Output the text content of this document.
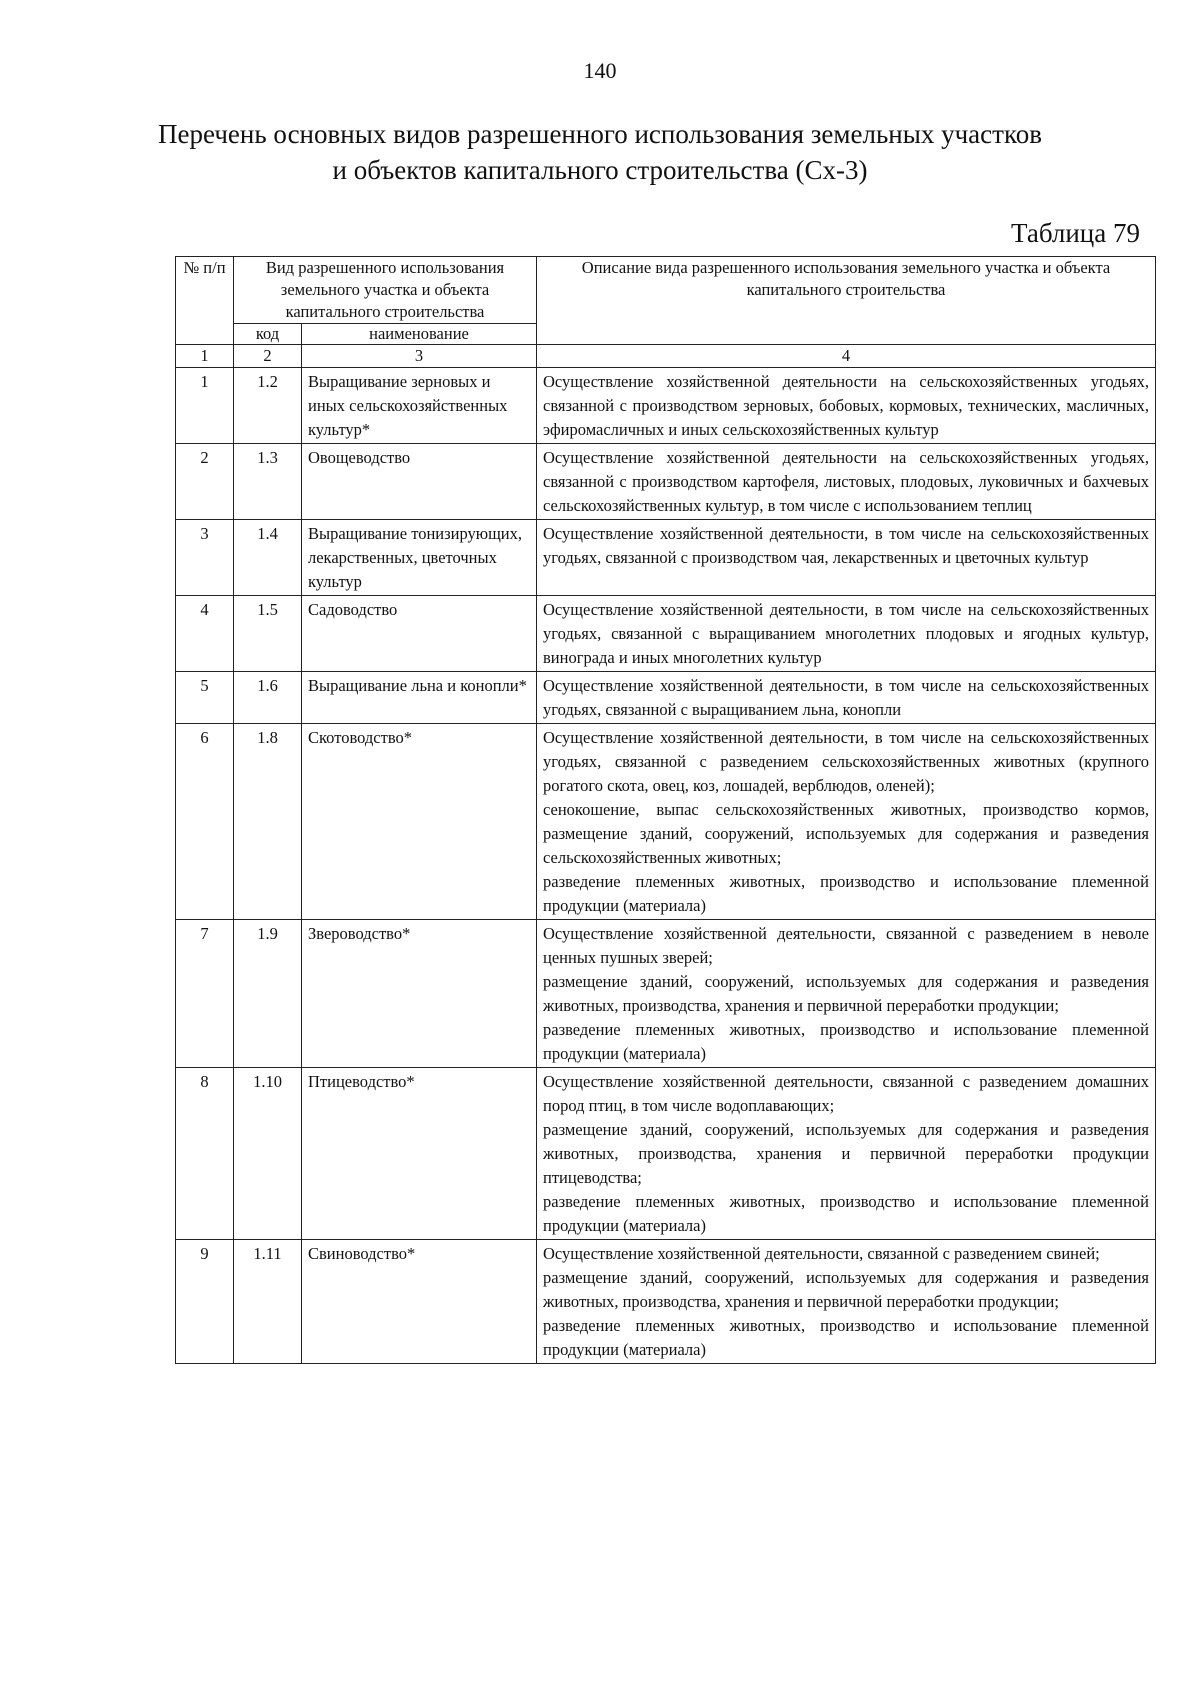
140
Перечень основных видов разрешенного использования земельных участков
и объектов капитального строительства (Сх-3)
Таблица 79
№ п/п	Вид разрешенного использования земельного участка и объекта капитального строительства		Описание вида разрешенного использования земельного участка и объекта капитального строительства
	код	наименование	
1	2	3	4
1	1.2	Выращивание зерновых и иных сельскохозяйственных культур*	Осуществление хозяйственной деятельности на сельскохозяйственных угодьях, связанной с производством зерновых, бобовых, кормовых, технических, масличных, эфиромасличных и иных сельскохозяйственных культур

2	1.3	Овощеводство	Осуществление хозяйственной деятельности на сельскохозяйственных угодьях, связанной с производством картофеля, листовых, плодовых, луковичных и бахчевых сельскохозяйственных культур, в том числе с использованием теплиц

3	1.4	Выращивание тонизирующих, лекарственных, цветочных культур	Осуществление хозяйственной деятельности, в том числе на сельскохозяйственных угодьях, связанной с производством чая, лекарственных и цветочных культур

4	1.5	Садоводство	Осуществление хозяйственной деятельности, в том числе на сельскохозяйственных угодьях, связанной с выращиванием многолетних плодовых и ягодных культур, винограда и иных многолетних культур

5	1.6	Выращивание льна и конопли*	Осуществление хозяйственной деятельности, в том числе на сельскохозяйственных угодьях, связанной с выращиванием льна, конопли

6	1.8	Скотоводство*	Осуществление хозяйственной деятельности, в том числе на сельскохозяйственных угодьях, связанной с разведением сельскохозяйственных животных (крупного рогатого скота, овец, коз, лошадей, верблюдов, оленей);
сенокошение, выпас сельскохозяйственных животных, производство кормов, размещение зданий, сооружений, используемых для содержания и разведения сельскохозяйственных животных;
разведение племенных животных, производство и использование племенной продукции (материала)

7	1.9	Звероводство*	Осуществление хозяйственной деятельности, связанной с разведением в неволе ценных пушных зверей;
размещение зданий, сооружений, используемых для содержания и разведения животных, производства, хранения и первичной переработки продукции;
разведение племенных животных, производство и использование племенной продукции (материала)

8	1.10	Птицеводство*	Осуществление хозяйственной деятельности, связанной с разведением домашних пород птиц, в том числе водоплавающих;
размещение зданий, сооружений, используемых для содержания и разведения животных, производства, хранения и первичной переработки продукции птицеводства;
разведение племенных животных, производство и использование племенной продукции (материала)

9	1.11	Свиноводство*	Осуществление хозяйственной деятельности, связанной с разведением свиней;
размещение зданий, сооружений, используемых для содержания и разведения животных, производства, хранения и первичной переработки продукции;
разведение племенных животных, производство и использование племенной продукции (материала)
